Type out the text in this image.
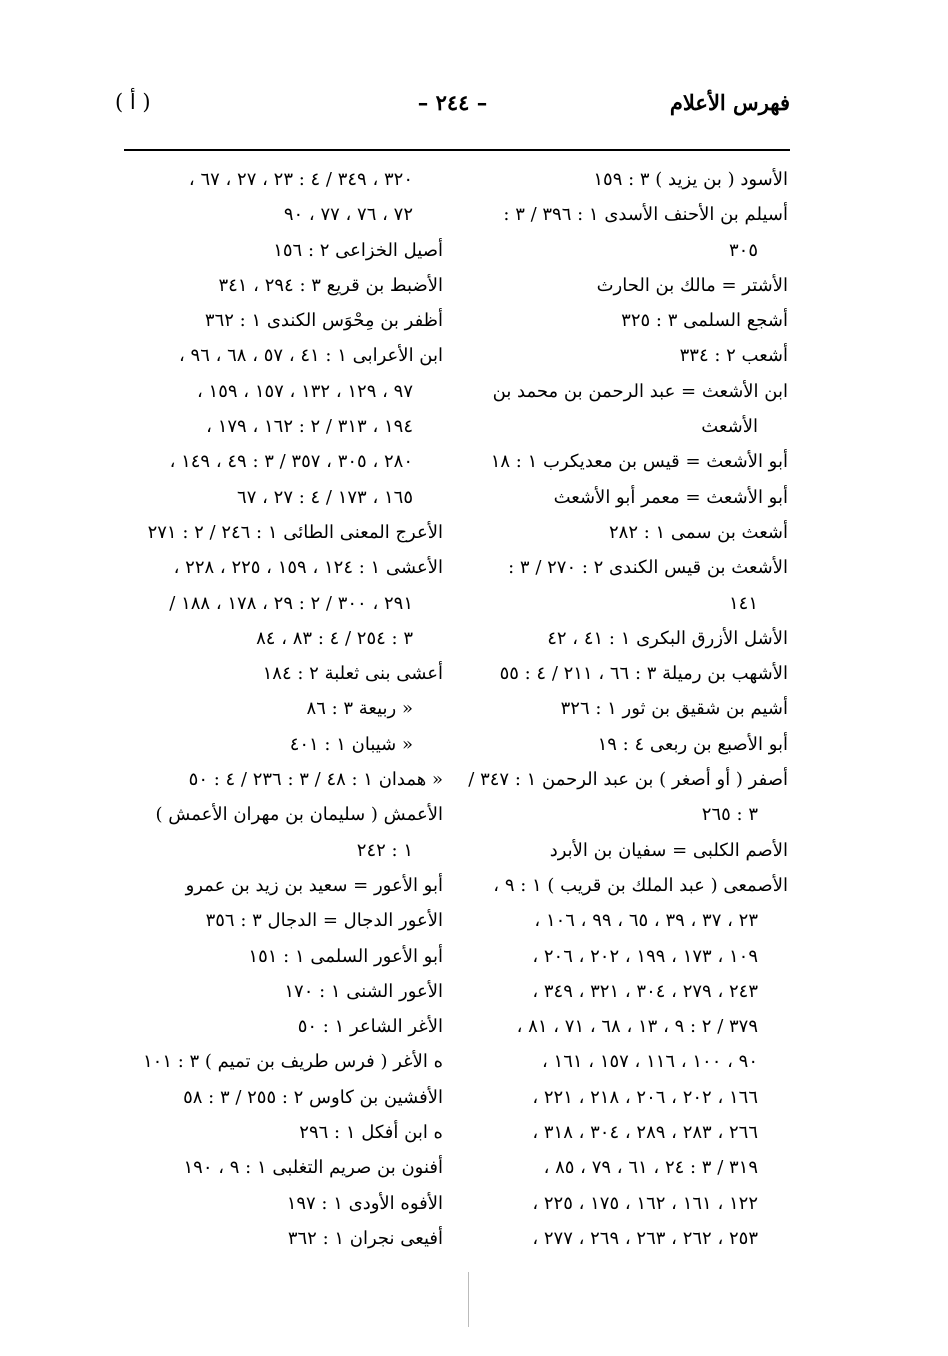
فهرس الأعلام
– ٢٤٤ –
( أ )
الأسود ( بن يزيد ) ٣ : ١٥٩
أسيلم بن الأحنف الأسدى ١ : ٣٩٦ / ٣ :
٣٠٥
الأشتر = مالك بن الحارث
أشجع السلمى ٣ : ٣٢٥
أشعب ٢ : ٣٣٤
ابن الأشعث = عبد الرحمن بن محمد بن
الأشعث
أبو الأشعث = قيس بن معديكرب ١ : ١٨
أبو الأشعث = معمر أبو الأشعث
أشعث بن سمى ١ : ٢٨٢
الأشعث بن قيس الكندى ٢ : ٢٧٠ / ٣ :
١٤١
الأشل الأزرق البكرى ١ : ٤١ ، ٤٢
الأشهب بن رميلة ٣ : ٦٦ ، ٢١١ / ٤ : ٥٥
أشيم بن شقيق بن ثور ١ : ٣٢٦
أبو الأصبع بن ربعى ٤ : ١٩
أصفر ( أو أصغر ) بن عبد الرحمن ١ : ٣٤٧ /
٣ : ٢٦٥
الأصم الكلبى = سفيان بن الأبرد
الأصمعى ( عبد الملك بن قريب ) ١ : ٩ ،
٢٣ ، ٣٧ ، ٣٩ ، ٦٥ ، ٩٩ ، ١٠٦ ،
١٠٩ ، ١٧٣ ، ١٩٩ ، ٢٠٢ ، ٢٠٦ ،
٢٤٣ ، ٢٧٩ ، ٣٠٤ ، ٣٢١ ، ٣٤٩ ،
٣٧٩ / ٢ : ٩ ، ١٣ ، ٦٨ ، ٧١ ، ٨١ ،
٩٠ ، ١٠٠ ، ١١٦ ، ١٥٧ ، ١٦١ ،
١٦٦ ، ٢٠٢ ، ٢٠٦ ، ٢١٨ ، ٢٢١ ،
٢٦٦ ، ٢٨٣ ، ٢٨٩ ، ٣٠٤ ، ٣١٨ ،
٣١٩ / ٣ : ٢٤ ، ٦١ ، ٧٩ ، ٨٥ ،
١٢٢ ، ١٦١ ، ١٦٢ ، ١٧٥ ، ٢٢٥ ،
٢٥٣ ، ٢٦٢ ، ٢٦٣ ، ٢٦٩ ، ٢٧٧ ،
٣٢٠ ، ٣٤٩ / ٤ : ٢٣ ، ٢٧ ، ٦٧ ،
٧٢ ، ٧٦ ، ٧٧ ، ٩٠
أصيل الخزاعى ٢ : ١٥٦
الأضبط بن قريع ٣ : ٢٩٤ ، ٣٤١
أظفر بن مِحْوَس الكندى ١ : ٣٦٢
ابن الأعرابى ١ : ٤١ ، ٥٧ ، ٦٨ ، ٩٦ ،
٩٧ ، ١٢٩ ، ١٣٢ ، ١٥٧ ، ١٥٩ ،
١٩٤ ، ٣١٣ / ٢ : ١٦٢ ، ١٧٩ ،
٢٨٠ ، ٣٠٥ ، ٣٥٧ / ٣ : ٤٩ ، ١٤٩ ،
١٦٥ ، ١٧٣ / ٤ : ٢٧ ، ٦٧
الأعرج المعنى الطائى ١ : ٢٤٦ / ٢ : ٢٧١
الأعشى ١ : ١٢٤ ، ١٥٩ ، ٢٢٥ ، ٢٢٨ ،
٢٩١ ، ٣٠٠ / ٢ : ٢٩ ، ١٧٨ ، ١٨٨ /
٣ : ٢٥٤ / ٤ : ٨٣ ، ٨٤
أعشى بنى ثعلبة ٢ : ١٨٤
« ربيعة ٣ : ٨٦
« شيبان ١ : ٤٠١
« همدان ١ : ٤٨ / ٣ : ٢٣٦ / ٤ : ٥٠
الأعمش ( سليمان بن مهران الأعمش )
١ : ٢٤٢
أبو الأعور = سعيد بن زيد بن عمرو
الأعور الدجال = الدجال ٣ : ٣٥٦
أبو الأعور السلمى ١ : ١٥١
الأعور الشنى ١ : ١٧٠
الأغر الشاعر ١ : ٥٠
ه الأغر ( فرس طريف بن تميم ) ٣ : ١٠١
الأفشين بن كاوس ٢ : ٢٥٥ / ٣ : ٥٨
ه ابن أفكل ١ : ٢٩٦
أفنون بن صريم التغلبى ١ : ٩ ، ١٩٠
الأفوه الأودى ١ : ١٩٧
أفيعى نجران ١ : ٣٦٢
